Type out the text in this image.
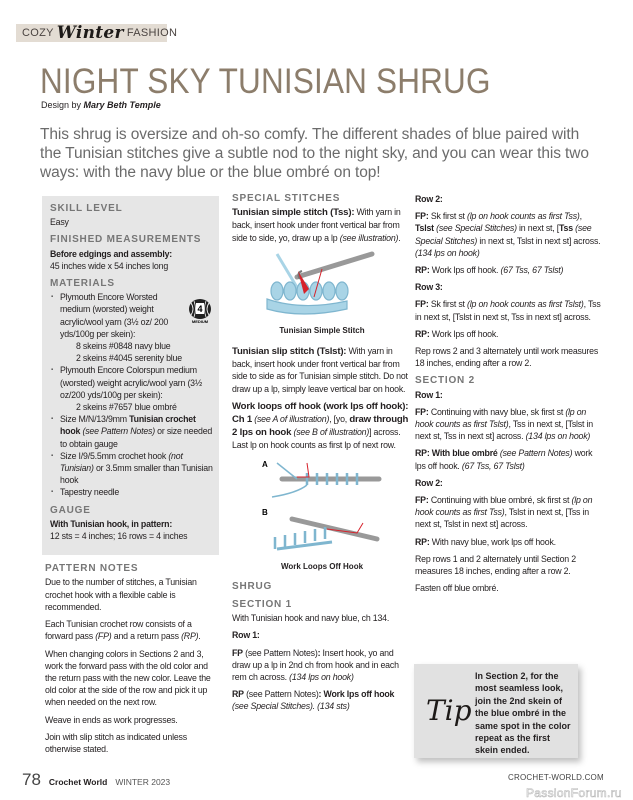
COZY Winter FASHION
NIGHT SKY TUNISIAN SHRUG
Design by Mary Beth Temple

This shrug is oversize and oh-so comfy. The different shades of blue paired with the Tunisian stitches give a subtle nod to the night sky, and you can wear this two ways: with the navy blue or the blue ombré on top!

SKILL LEVEL

Easy

FINISHED MEASUREMENTS

Before edgings and assembly:

45 inches wide x 54 inches long

MATERIALS

▪ Plymouth Encore Worsted medium (worsted) weight acrylic/wool yarn (3½ oz/ 200 yds/100g per skein):

8 skeins #0848 navy blue

2 skeins #4045 serenity blue

▪ Plymouth Encore Colorspun medium (worsted) weight acrylic/wool yarn (3½ oz/200 yds/100g per skein):

2 skeins #7657 blue ombré

▪ Size M/N/13/9mm Tunisian crochet hook (see Pattern Notes) or size needed to obtain gauge

▪ Size I/9/5.5mm crochet hook (not Tunisian) or 3.5mm smaller than Tunisian hook

▪ Tapestry needle

GAUGE

With Tunisian hook, in pattern:

12 sts = 4 inches; 16 rows = 4 inches

4
MEDIUM

PATTERN NOTES

Due to the number of stitches, a Tunisian crochet hook with a flexible cable is recommended.

Each Tunisian crochet row consists of a forward pass (FP) and a return pass (RP).

When changing colors in Sections 2 and 3, work the forward pass with the old color and the return pass with the new color. Leave the old color at the side of the row and pick it up when needed on the next row.

Weave in ends as work progresses.

Join with slip stitch as indicated unless otherwise stated.

SPECIAL STITCHES

Tunisian simple stitch (Tss): With yarn in back, insert hook under front vertical bar from side to side, yo, draw up a lp (see illustration).

Tunisian Simple Stitch

Tunisian slip stitch (Tslst): With yarn in back, insert hook under front vertical bar from side to side as for Tunisian simple stitch. Do not draw up a lp, simply leave vertical bar on hook.

Work loops off hook (work lps off hook): Ch 1 (see A of illustration), [yo, draw through 2 lps on hook (see B of illustration)] across. Last lp on hook counts as first lp of next row.

A
B
Work Loops Off Hook

SHRUG

SECTION 1

With Tunisian hook and navy blue, ch 134.

Row 1:

FP (see Pattern Notes): Insert hook, yo and draw up a lp in 2nd ch from hook and in each rem ch across. (134 lps on hook)

RP (see Pattern Notes): Work lps off hook (see Special Stitches). (134 sts)

Row 2:

FP: Sk first st (lp on hook counts as first Tss), Tslst (see Special Stitches) in next st, [Tss (see Special Stitches) in next st, Tslst in next st] across. (134 lps on hook)

RP: Work lps off hook. (67 Tss, 67 Tslst)

Row 3:

FP: Sk first st (lp on hook counts as first Tslst), Tss in next st, [Tslst in next st, Tss in next st] across.

RP: Work lps off hook.

Rep rows 2 and 3 alternately until work measures 18 inches, ending after a row 2.

SECTION 2

Row 1:

FP: Continuing with navy blue, sk first st (lp on hook counts as first Tslst), Tss in next st, [Tslst in next st, Tss in next st] across. (134 lps on hook)

RP: With blue ombré (see Pattern Notes) work lps off hook. (67 Tss, 67 Tslst)

Row 2:

FP: Continuing with blue ombré, sk first st (lp on hook counts as first Tss), Tslst in next st, [Tss in next st, Tslst in next st] across.

RP: With navy blue, work lps off hook.

Rep rows 1 and 2 alternately until Section 2 measures 18 inches, ending after a row 2.

Fasten off blue ombré.

Tip

In Section 2, for the most seamless look, join the 2nd skein of the blue ombré in the same spot in the color repeat as the first skein ended.

78 Crochet World WINTER 2023	CROCHET-WORLD.COM
PassionForum.ru
